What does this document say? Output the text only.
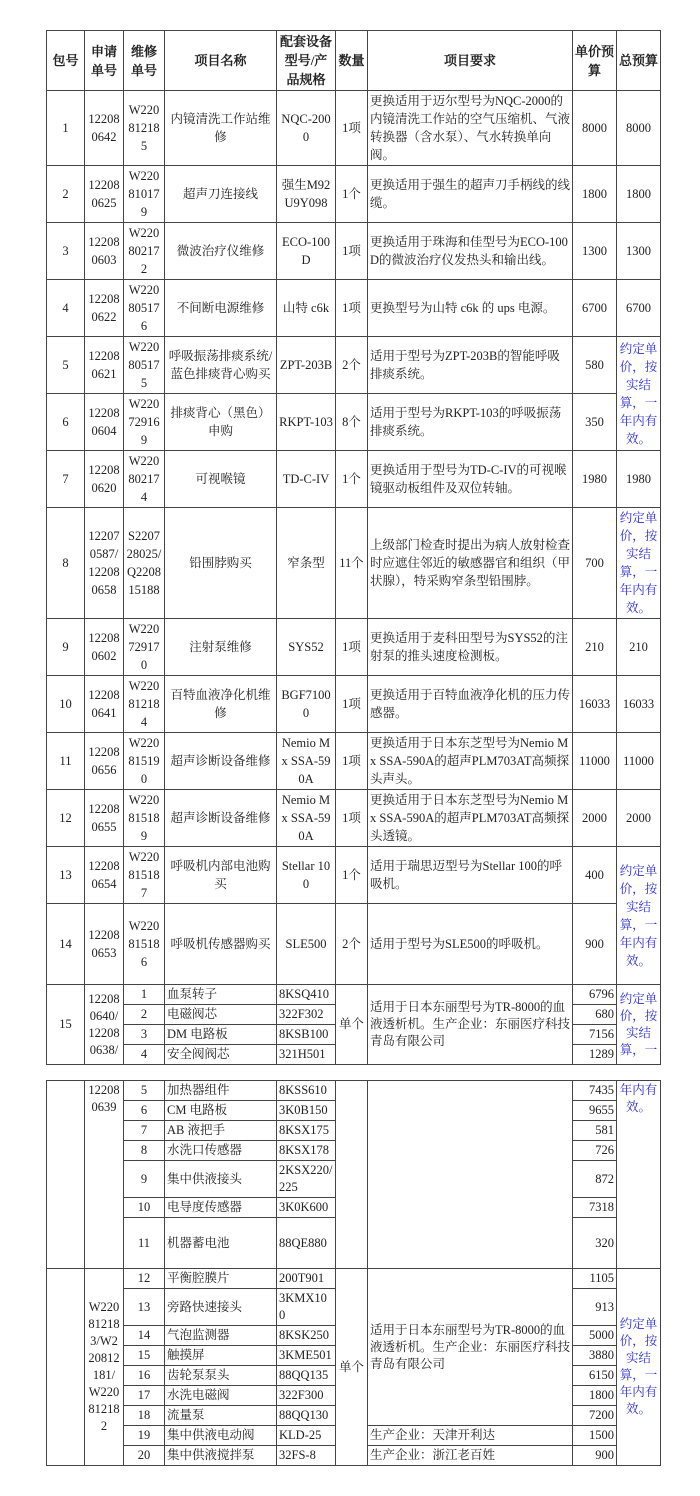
包号	申请单号	维修单号	项目名称	配套设备型号/产品规格	数量	项目要求	单价预算	总预算
1	122080642	W220812185	内镜清洗工作站维修	NQC-2000	1项	更换适用于迈尔型号为NQC-2000的内镜清洗工作站的空气压缩机、气液转换器（含水泵）、气水转换单向阀。	8000	8000
2	122080625	W220810179	超声刀连接线	强生M92U9Y098	1个	更换适用于强生的超声刀手柄线的线缆。	1800	1800
3	122080603	W220802172	微波治疗仪维修	ECO-100D	1项	更换适用于珠海和佳型号为ECO-100D的微波治疗仪发热头和输出线。	1300	1300
4	122080622	W220805176	不间断电源维修	山特 c6k	1项	更换型号为山特 c6k 的 ups 电源。	6700	6700
5	122080621	W220805175	呼吸振荡排痰系统/蓝色排痰背心购买	ZPT-203B	2个	适用于型号为ZPT-203B的智能呼吸排痰系统。	580	约定单价，按实结算，一年内有效。
6	122080604	W220729169	排痰背心（黑色）申购	RKPT-103	8个	适用于型号为RKPT-103的呼吸振荡排痰系统。	350	
7	122080620	W220802174	可视喉镜	TD-C-IV	1个	更换适用于型号为TD-C-IV的可视喉镜驱动板组件及双位转轴。	1980	1980
8	122070587/122080658	S220728025/Q220815188	铅围脖购买	窄条型	11个	上级部门检查时提出为病人放射检查时应遮住邻近的敏感器官和组织（甲状腺），特采购窄条型铅围脖。	700	约定单价，按实结算，一年内有效。
9	122080602	W220729170	注射泵维修	SYS52	1项	更换适用于麦科田型号为SYS52的注射泵的推头速度检测板。	210	210
10	122080641	W220812184	百特血液净化机维修	BGF71000	1项	更换适用于百特血液净化机的压力传感器。	16033	16033
11	122080656	W220815190	超声诊断设备维修	Nemio Mx SSA-590A	1项	更换适用于日本东芝型号为Nemio Mx SSA-590A的超声PLM703AT高频探头声头。	11000	11000
12	122080655	W220815189	超声诊断设备维修	Nemio Mx SSA-590A	1项	更换适用于日本东芝型号为Nemio Mx SSA-590A的超声PLM703AT高频探头透镜。	2000	2000
13	122080654	W220815187	呼吸机内部电池购买	Stellar 100	1个	适用于瑞思迈型号为Stellar 100的呼吸机。	400	约定单价，按实结算，一年内有效。
14	122080653	W220815186	呼吸机传感器购买	SLE500	2个	适用于型号为SLE500的呼吸机。	900	
15	122080640/122080638/	1	血泵转子	8KSQ410	单个	适用于日本东丽型号为TR-8000的血液透析机。生产企业：东丽医疗科技青岛有限公司	6796	约定单价，按实结算，一
		2	电磁阀芯	322F302			680	
		3	DM 电路板	8KSB100			7156	
		4	安全阀阀芯	321H501			1289	
	122080639	5	加热器组件	8KSS610			7435	年内有效。
		6	CM 电路板	3K0B150			9655	
		7	AB 液把手	8KSX175			581	
		8	水洗口传感器	8KSX178			726	
		9	集中供液接头	2KSX220/225			872	
		10	电导度传感器	3K0K600			7318	
		11	机器蓄电池	88QE880			320	
	W220812183/W220812181/W220812182	12	平衡腔膜片	200T901	单个	适用于日本东丽型号为TR-8000的血液透析机。生产企业：东丽医疗科技青岛有限公司	1105	约定单价，按实结算，一年内有效。
		13	旁路快速接头	3KMX100			913	
		14	气泡监测器	8KSK250			5000	
		15	触摸屏	3KME501			3880	
		16	齿轮泵泵头	88QQ135			6150	
		17	水洗电磁阀	322F300			1800	
		18	流量泵	88QQ130			7200	
		19	集中供液电动阀	KLD-25		生产企业：天津开利达	1500	
		20	集中供液搅拌泵	32FS-8		生产企业：浙江老百姓	900	
